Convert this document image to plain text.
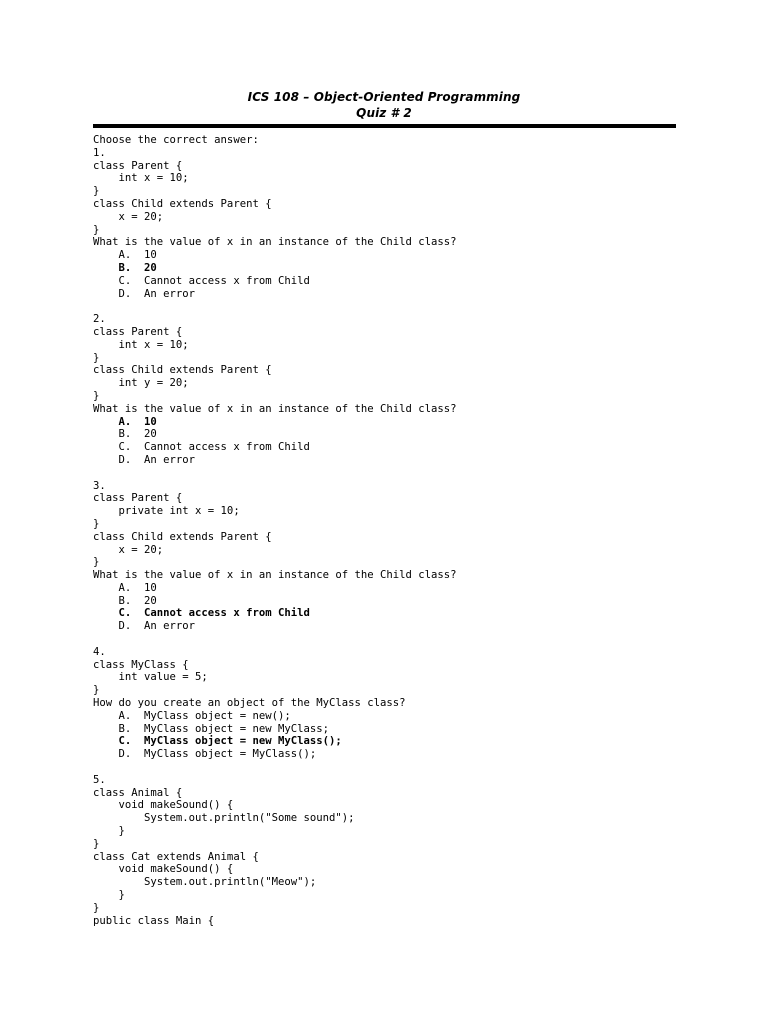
ICS 108 – Object-Oriented Programming
Quiz # 2
Choose the correct answer:
1.
class Parent {
int x = 10;
}
class Child extends Parent {
x = 20;
}
What is the value of x in an instance of the Child class?
A.  10
B.  20
C.  Cannot access x from Child
D.  An error
2.
class Parent {
int x = 10;
}
class Child extends Parent {
int y = 20;
}
What is the value of x in an instance of the Child class?
A.  10
B.  20
C.  Cannot access x from Child
D.  An error
3.
class Parent {
private int x = 10;
}
class Child extends Parent {
x = 20;
}
What is the value of x in an instance of the Child class?
A.  10
B.  20
C.  Cannot access x from Child
D.  An error
4.
class MyClass {
int value = 5;
}
How do you create an object of the MyClass class?
A.  MyClass object = new();
B.  MyClass object = new MyClass;
C.  MyClass object = new MyClass();
D.  MyClass object = MyClass();
5.
class Animal {
void makeSound() {
System.out.println("Some sound");
}
}
class Cat extends Animal {
void makeSound() {
System.out.println("Meow");
}
}
public class Main {
